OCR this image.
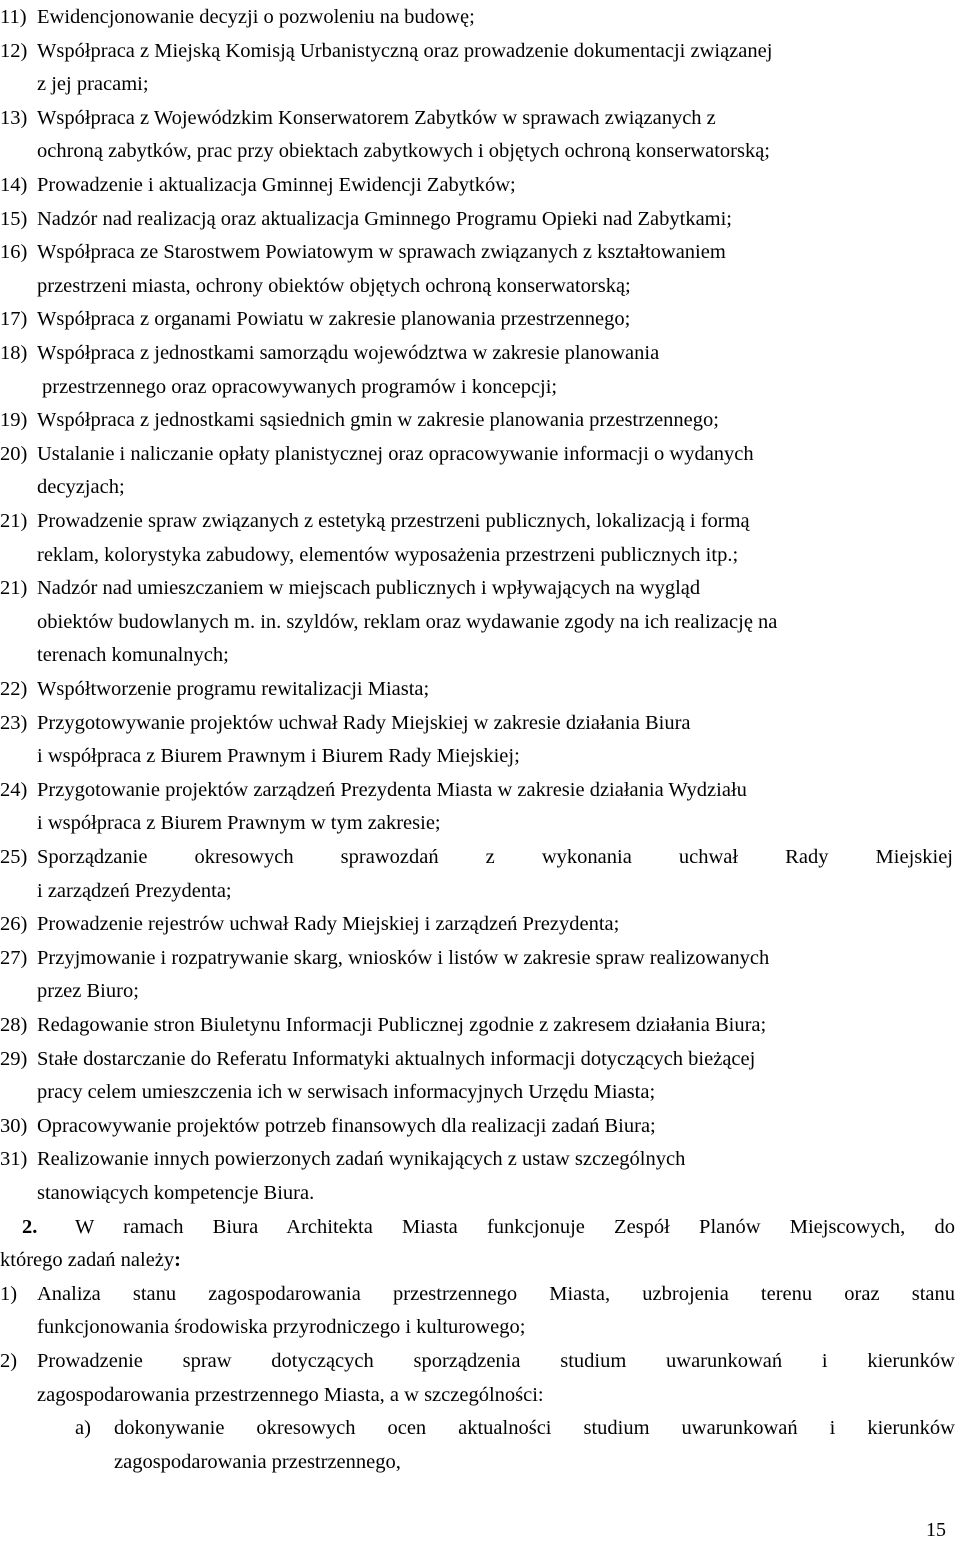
11) Ewidencjonowanie decyzji o pozwoleniu na budowę;
12) Współpraca z Miejską Komisją Urbanistyczną oraz prowadzenie dokumentacji związanej
z jej pracami;
13) Współpraca z Wojewódzkim Konserwatorem Zabytków w sprawach związanych z
ochroną zabytków, prac przy obiektach zabytkowych i objętych ochroną konserwatorską;
14) Prowadzenie i aktualizacja Gminnej Ewidencji Zabytków;
15) Nadzór nad realizacją oraz aktualizacja Gminnego Programu Opieki nad Zabytkami;
16) Współpraca ze Starostwem Powiatowym w sprawach związanych z kształtowaniem
przestrzeni miasta, ochrony obiektów objętych ochroną konserwatorską;
17) Współpraca z organami Powiatu w zakresie planowania przestrzennego;
18) Współpraca z jednostkami samorządu województwa w zakresie planowania
przestrzennego oraz opracowywanych programów i koncepcji;
19) Współpraca z jednostkami sąsiednich gmin w zakresie planowania przestrzennego;
20) Ustalanie i naliczanie opłaty planistycznej oraz opracowywanie informacji o wydanych
decyzjach;
21) Prowadzenie spraw związanych z estetyką przestrzeni publicznych, lokalizacją i formą
reklam, kolorystyka zabudowy, elementów wyposażenia przestrzeni publicznych itp.;
21) Nadzór nad umieszczaniem w miejscach publicznych i wpływających na wygląd
obiektów budowlanych m. in. szyldów, reklam oraz wydawanie zgody na ich realizację na
terenach komunalnych;
22) Współtworzenie programu rewitalizacji Miasta;
23) Przygotowywanie projektów uchwał Rady Miejskiej w zakresie działania Biura
i współpraca z Biurem Prawnym i Biurem Rady Miejskiej;
24) Przygotowanie projektów zarządzeń Prezydenta Miasta w zakresie działania Wydziału
i współpraca z Biurem Prawnym w tym zakresie;
25) Sporządzanie okresowych sprawozdań z wykonania uchwał Rady Miejskiej
i zarządzeń Prezydenta;
26) Prowadzenie rejestrów uchwał Rady Miejskiej i zarządzeń Prezydenta;
27) Przyjmowanie i rozpatrywanie skarg, wniosków i listów w zakresie spraw realizowanych
przez Biuro;
28) Redagowanie stron Biuletynu Informacji Publicznej zgodnie z zakresem działania Biura;
29) Stałe dostarczanie do Referatu Informatyki aktualnych informacji dotyczących bieżącej
pracy celem umieszczenia ich w serwisach informacyjnych Urzędu Miasta;
30) Opracowywanie projektów potrzeb finansowych dla realizacji zadań Biura;
31) Realizowanie innych powierzonych zadań wynikających z ustaw szczególnych
stanowiących kompetencje Biura.
2. W ramach Biura Architekta Miasta funkcjonuje Zespół Planów Miejscowych, do
którego zadań należy:
1) Analiza stanu zagospodarowania przestrzennego Miasta, uzbrojenia terenu oraz stanu
funkcjonowania środowiska przyrodniczego i kulturowego;
2) Prowadzenie spraw dotyczących sporządzenia studium uwarunkowań i kierunków
zagospodarowania przestrzennego Miasta, a w szczególności:
a) dokonywanie okresowych ocen aktualności studium uwarunkowań i kierunków
zagospodarowania przestrzennego,
15
